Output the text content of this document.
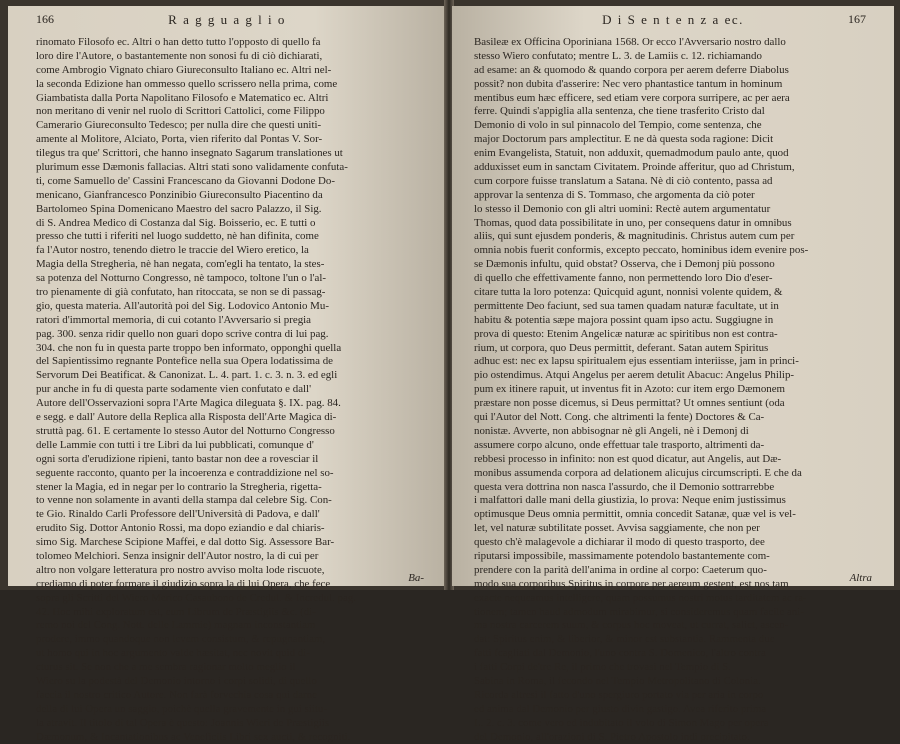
166	R a g g u a g l i o
rinomato Filosofo ec. Altri o han detto tutto l'opposto di quello fa
loro dire l'Autore, o bastantemente non sonosi fu di ciò dichiarati,
come Ambrogio Vignato chiaro Giureconsulto Italiano ec. Altri nel-
la seconda Edizione han ommesso quello scrissero nella prima, come
Giambatista dalla Porta Napolitano Filosofo e Matematico ec. Altri
non meritano di venir nel ruolo di Scrittori Cattolici, come Filippo
Camerario Giureconsulto Tedesco; per nulla dire che questi uniti-
amente al Molitore, Alciato, Porta, vien riferito dal Pontas V. Sor-
tilegus tra que' Scrittori, che hanno insegnato Sagarum translationes ut
plurimum esse Dæmonis fallacias. Altri stati sono validamente confuta-
ti, come Samuello de' Cassini Francescano da Giovanni Dodone Do-
menicano, Gianfrancesco Ponzinibio Giureconsulto Piacentino da
Bartolomeo Spina Domenicano Maestro del sacro Palazzo, il Sig.
di S. Andrea Medico di Costanza dal Sig. Boisserio, ec. E tutti o
presso che tutti i riferiti nel luogo suddetto, nè han difinita, come
fa l'Autor nostro, tenendo dietro le traccie del Wiero eretico, la
Magia della Stregheria, nè han negata, com'egli ha tentato, la stes-
sa potenza del Notturno Congresso, nè tampoco, toltone l'un o l'al-
tro pienamente di già confutato, han ritoccata, se non se di passag-
gio, questa materia. All'autorità poi del Sig. Lodovico Antonio Mu-
ratori d'immortal memoria, di cui cotanto l'Avversario si pregia
pag. 300. senza ridir quello non guari dopo scrive contra di lui pag.
304. che non fu in questa parte troppo ben informato, opponghi quella
del Sapientissimo regnante Pontefice nella sua Opera lodatissima de
Servorum Dei Beatificat. & Canonizat. L. 4. part. 1. c. 3. n. 3. ed egli
pur anche in fu di questa parte sodamente vien confutato e dall'
Autore dell'Osservazioni sopra l'Arte Magica dileguata §. IX. pag. 84.
e segg. e dall' Autore della Replica alla Risposta dell'Arte Magica di-
struttà pag. 61. E certamente lo stesso Autor del Notturno Congresso
delle Lammie con tutti i tre Libri da lui pubblicati, comunque d'
ogni sorta d'erudizione ripieni, tanto bastar non dee a rovesciar il
seguente racconto, quanto per la incoerenza e contraddizione nel so-
stener la Magia, ed in negar per lo contrario la Stregheria, rigetta-
to venne non solamente in avanti della stampa dal celebre Sig. Con-
te Gio. Rinaldo Carli Professore dell'Università di Padova, e dall'
erudito Sig. Dottor Antonio Rossi, ma dopo eziandio e dal chiaris-
simo Sig. Marchese Scipione Maffei, e dal dotto Sig. Assessore Bar-
tolomeo Melchiori. Senza insignir dell'Autor nostro, la di cui per
altro non volgare letteratura pro nostro avviso molta lode riscuote,
crediamo di poter formare il giudizio sopra la di lui Opera, che fece
sopra gli Scritti del Wiero Merico Casaubono de Credul. & Incredul. pag.
42. Hoc mihi exploratum est, eum Librum de Præstigiis &c. (di-
remo noi del Cong. Nott. delle Lammie) magnam inconstantiam
prodere, immo quandoque non levem consistum, & repugnantiam,
ut homo qui in hoc argumento valde hæsitat, nec novit quid di-
cturus sit. Se non che a me sembra ragionar molto meglio il
Wiero su la podestà del Demonio intorno i corpi solidi, di quello
faccia il nostro critico Autore. Non farà forvechia cosa qui darne
della di lui Opera un saggio, poichè quella gravemente in gui siitu-
la atravit. Il titolo di tal Opera è questo: Joannis Wieri de Præstigiis
Dæmonum, & Incantationibus ac Veneficiis Libri sex aucti, & recogniti.
Ba-
D i S e n t e n z a ec.	167
Basileæ ex Officina Oporiniana 1568. Or ecco l'Avversario nostro dallo
stesso Wiero confutato; mentre L. 3. de Lamiis c. 12. richiamando
ad esame: an & quomodo & quando corpora per aerem deferre Diabolus
possit? non dubita d'asserire: Nec vero phantastice tantum in hominum
mentibus eum hæc efficere, sed etiam vere corpora surripere, ac per aera
ferre. Quindi s'appiglia alla sentenza, che tiene trasferito Cristo dal
Demonio di volo in sul pinnacolo del Tempio, come sentenza, che
major Doctorum pars amplectitur. E ne dà questa soda ragione: Dicit
enim Evangelista, Statuit, non adduxit, quemadmodum paulo ante, quod
adduxisset eum in sanctam Civitatem. Proinde afferitur, quo ad Christum,
cum corpore fuisse translatum a Satana. Nè di ciò contento, passa ad
approvar la sentenza di S. Tommaso, che argomenta da ciò poter
lo stesso il Demonio con gli altri uomini: Rectè autem argumentatur
Thomas, quod data possibilitate in uno, per consequens datur in omnibus
aliis, qui sunt ejusdem ponderis, & magnitudinis. Christus autem cum per
omnia nobis fuerit conformis, excepto peccato, hominibus idem evenire pos-
se Dæmonis infultu, quid obstat? Osserva, che i Demonj più possono
di quello che effettivamente fanno, non permettendo loro Dio d'eser-
citare tutta la loro potenza: Quicquid agunt, nonnisi volente quidem, &
permittente Deo faciunt, sed sua tamen quadam naturæ facultate, ut in
habitu & potentia sæpe majora possint quam ipso actu. Suggiugne in
prova di questo: Etenim Angelicæ naturæ ac spiritibus non est contra-
rium, ut corpora, quo Deus permittit, deferant. Satan autem Spiritus
adhuc est: nec ex lapsu spiritualem ejus essentiam interiisse, jam in princi-
pio ostendimus. Atqui Angelus per aerem detulit Abacuc: Angelus Philip-
pum ex itinere rapuit, ut inventus fit in Azoto: cur item ergo Dæmonem
præstare non posse dicemus, si Deus permittat? Ut omnes sentiunt (oda
qui l'Autor del Nott. Cong. che altrimenti la fente) Doctores & Ca-
nonistæ. Avverte, non abbisognar nè gli Angeli, nè i Demonj di
assumere corpo alcuno, onde effettuar tale trasporto, altrimenti da-
rebbesi processo in infinito: non est quod dicatur, aut Angelis, aut Dæ-
monibus assumenda corpora ad delationem alicujus circumscripti. E che da
questa vera dottrina non nasca l'assurdo, che il Demonio sottrarrebbe
i malfattori dalle mani della giustizia, lo prova: Neque enim justissimus
optimusque Deus omnia permittit, omnia concedit Satanæ, quæ vel is vel-
let, vel naturæ subtilitate posset. Avvisa saggiamente, che non per
questo ch'è malagevole a dichiarar il modo di questo trasporto, dee
riputarsi impossibile, massimamente potendolo bastantemente com-
prendere con la parità dell'anima in ordine al corpo: Caeterum quo-
modo sua corporibus Spiritus in corpore per aereum gestent, est nos tam
exacte nequeamus intelligere, quam possumus nostri motus tarditatem ac ra-
tionem; tamen haud admodum mirabimur, si consideremus quam facile ani-
ma nostra carcerem suum, & corpus hoc moveat, ut currat, saliet, ascen-
dat: Spiritus enim, & liberior, & minor est substantia. Rammenta due
fatti fcagliati dal Demonio, l'uno contra S. Domenico, l'altro contra
i fatti Corpi de'tre Re, il primo che trovasi nel Tempio di S.
Sabina in Roma, il fecondo nel Tempio Metropolitano di Colonia.
Ricorda altresì il fatto d'uno spergiuro portato via per aria in corpo
ed anima dal Demonio per giusto divin gastigo. Avea riferito prima
L. 2. c. 3. come vero ed indubitato il volo di Simon Mago per opera
del Demonio, all'orazioni di S. Pietro Apostolo indi precipitato.
Altra
